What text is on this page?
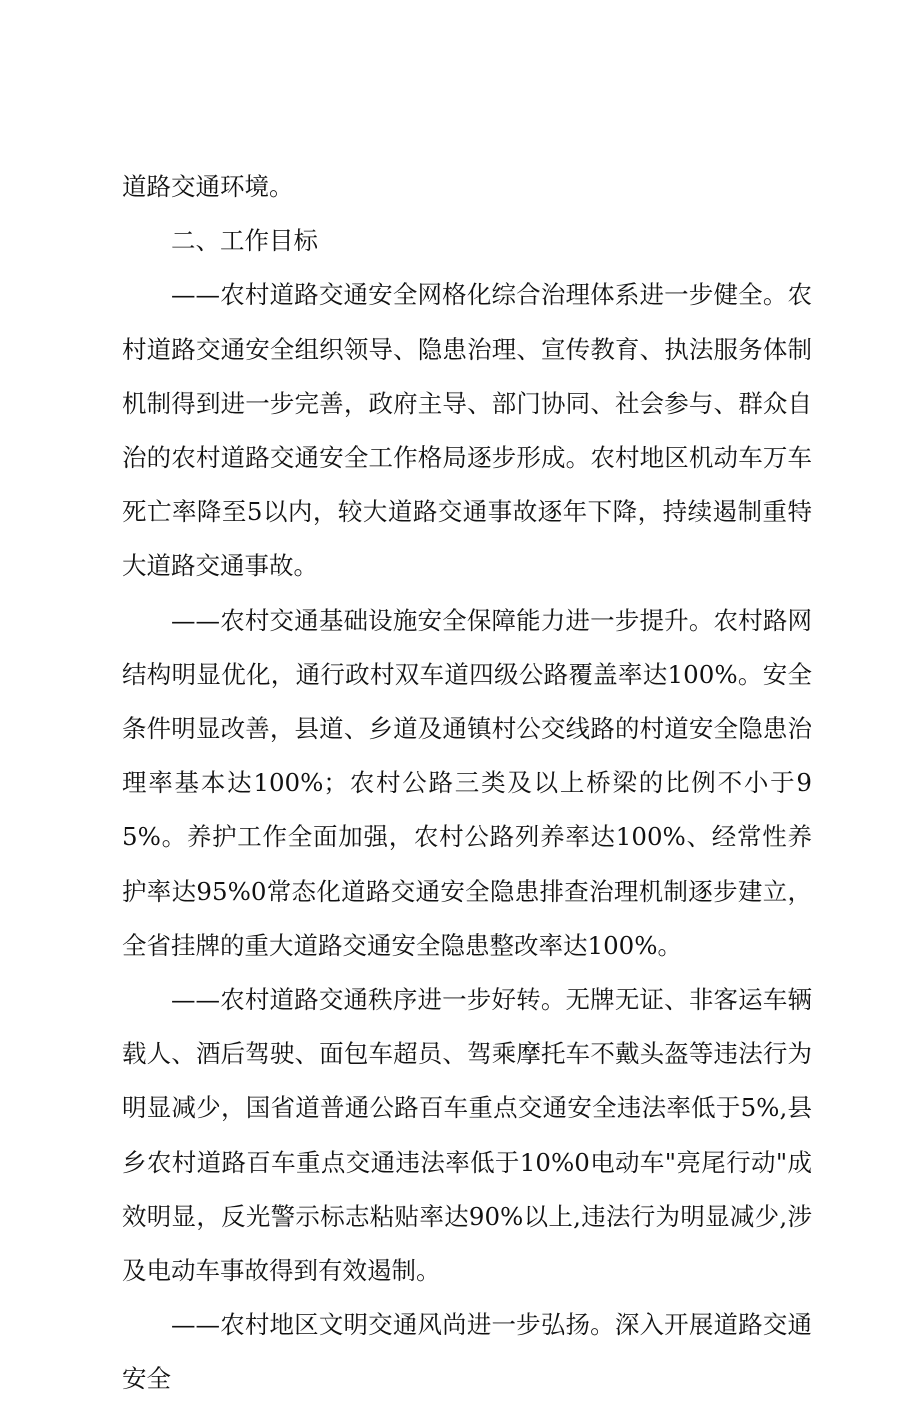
道路交通环境。

二、工作目标

——农村道路交通安全网格化综合治理体系进一步健全。农村道路交通安全组织领导、隐患治理、宣传教育、执法服务体制机制得到进一步完善，政府主导、部门协同、社会参与、群众自治的农村道路交通安全工作格局逐步形成。农村地区机动车万车死亡率降至5以内，较大道路交通事故逐年下降，持续遏制重特大道路交通事故。

——农村交通基础设施安全保障能力进一步提升。农村路网结构明显优化，通行政村双车道四级公路覆盖率达100%。安全条件明显改善，县道、乡道及通镇村公交线路的村道安全隐患治理率基本达100%；农村公路三类及以上桥梁的比例不小于95%。养护工作全面加强，农村公路列养率达100%、经常性养护率达95%0常态化道路交通安全隐患排查治理机制逐步建立，全省挂牌的重大道路交通安全隐患整改率达100%。

——农村道路交通秩序进一步好转。无牌无证、非客运车辆载人、酒后驾驶、面包车超员、驾乘摩托车不戴头盔等违法行为明显减少，国省道普通公路百车重点交通安全违法率低于5%,县乡农村道路百车重点交通违法率低于10%0电动车"亮尾行动"成效明显，反光警示标志粘贴率达90%以上,违法行为明显减少,涉及电动车事故得到有效遏制。

——农村地区文明交通风尚进一步弘扬。深入开展道路交通安全
